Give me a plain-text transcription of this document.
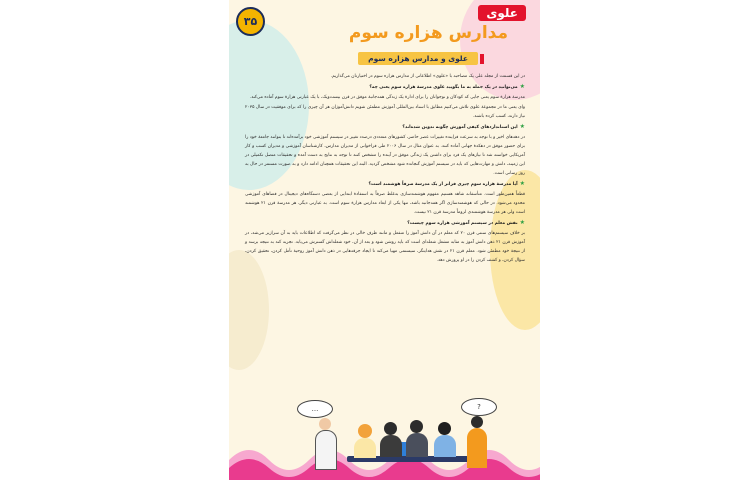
۳۵
علوی
مدارس هزاره سوم
علوی و مدارس هزاره سوم

در این قسمت از مجله علی یک مصاحبه با «علوی» اطلاعاتی از مدارس هزاره سوم در اختیارتان می‌گذاریم.

★می‌توانید در یک جمله به ما بگویید علوی مدرسهٔ هزاره سوم یعنی چه؟

مدرسهٔ هزارهٔ سوم یعنی جایی که کودکان و نوجوانان را برای ادارهٔ یک زندگی همه‌جانبهٔ موفق در قرن بیست‌ویک، با یک عبارتی هزارهٔ سوم آماده می‌کند.

وای یعنی ما در مجموعهٔ علوی تلاش می‌کنیم مطابق با اسناد بین‌المللی آموزش مطمئن شویم دانش‌آموزان هر آن چیزی را که برای موفقیت در سال ۲۰۳۵ نیاز دارند، کسب کرده باشند.

★این استانداردهای کیفی آموزش چگونه تدوین شده‌اند؟

در دهه‌های اخیر و با توجه به سرعت فزاینده تغییرات عصر حاضر، کشورهای متعددی درصدد تغییر در سیستم آموزشی خود برآمده‌اند تا بتوانند جامعهٔ خود را برای حضور موفق در دهکدهٔ جهانی آماده کنند. به عنوان مثال در سال ۲۰۰۶ طی فراخوانی از مدیران مدارس، کارشناسان آموزشی و مدیران کسب و کار آمریکایی خواسته شد تا نیازهای یک فرد برای داشتن یک زندگی موفق در آینده را مشخص کنند تا توجه به نتایج به دست آمده و تحقیقات متصل تکمیلی در این زمینه، دانش و مهارت‌هایی که باید در سیستم آموزش گنجانده شود مشخص گردید. البته این تحقیقات همچنان ادامه دارد و به صورت مستمر در حال به روز رسانی است.

★آیا مدرسهٔ هزاره سوم چیزی فراتر از یک مدرسهٔ صرفاً هوشمند است؟

قطعاً همین‌طور است. متأسفانه شاهد هستیم مفهوم هوشمندسازی به‌غلط صرفاً به استفادهٔ ابتدایی از بعضی دستگاه‌های دیجیتال در فضاهای آموزشی محدود می‌شود. در حالی که هوشمندسازی اگر همه‌جانبه باشد، تنها یکی از ابعاد مدارس هزارهٔ سوم است. به عبارتی دیگر، هر مدرسهٔ قرن ۲۱ هوشمند است ولی هر مدرسهٔ هوشمندی لزوماً مدرسهٔ قرن ۲۱ نیست.

★نقش معلم در سیستم آموزشی هزاره سوم چیست؟

بر خلاف سیستم‌های سنتی قرن ۲۰ که معلم در آن دانش آموز را منفعل و مانند ظرف خالی در نظر می‌گرفت که اطلاعات باید به آن سرازیر می‌شد، در آموزش قرن ۲۱ ذهن دانش آموز به مثابه مشعل شعله‌ای است که باید روشن شود و بعد از آن، خود شعله‌اش گسترش می‌یابد. تجربه کند به نتیجه برسد و از نتیجهٔ خود مطمئن شود. معلم قرن ۲۱ در نقش هدایتگر، سیستمی مهیا می‌کند تا ایجاد جرقه‌هایی در ذهن دانش آموز روحیهٔ تأمل کردن، تحقیق کردن، سؤال کردن، و کشف کردن را در او پرورش دهد.

...	?
